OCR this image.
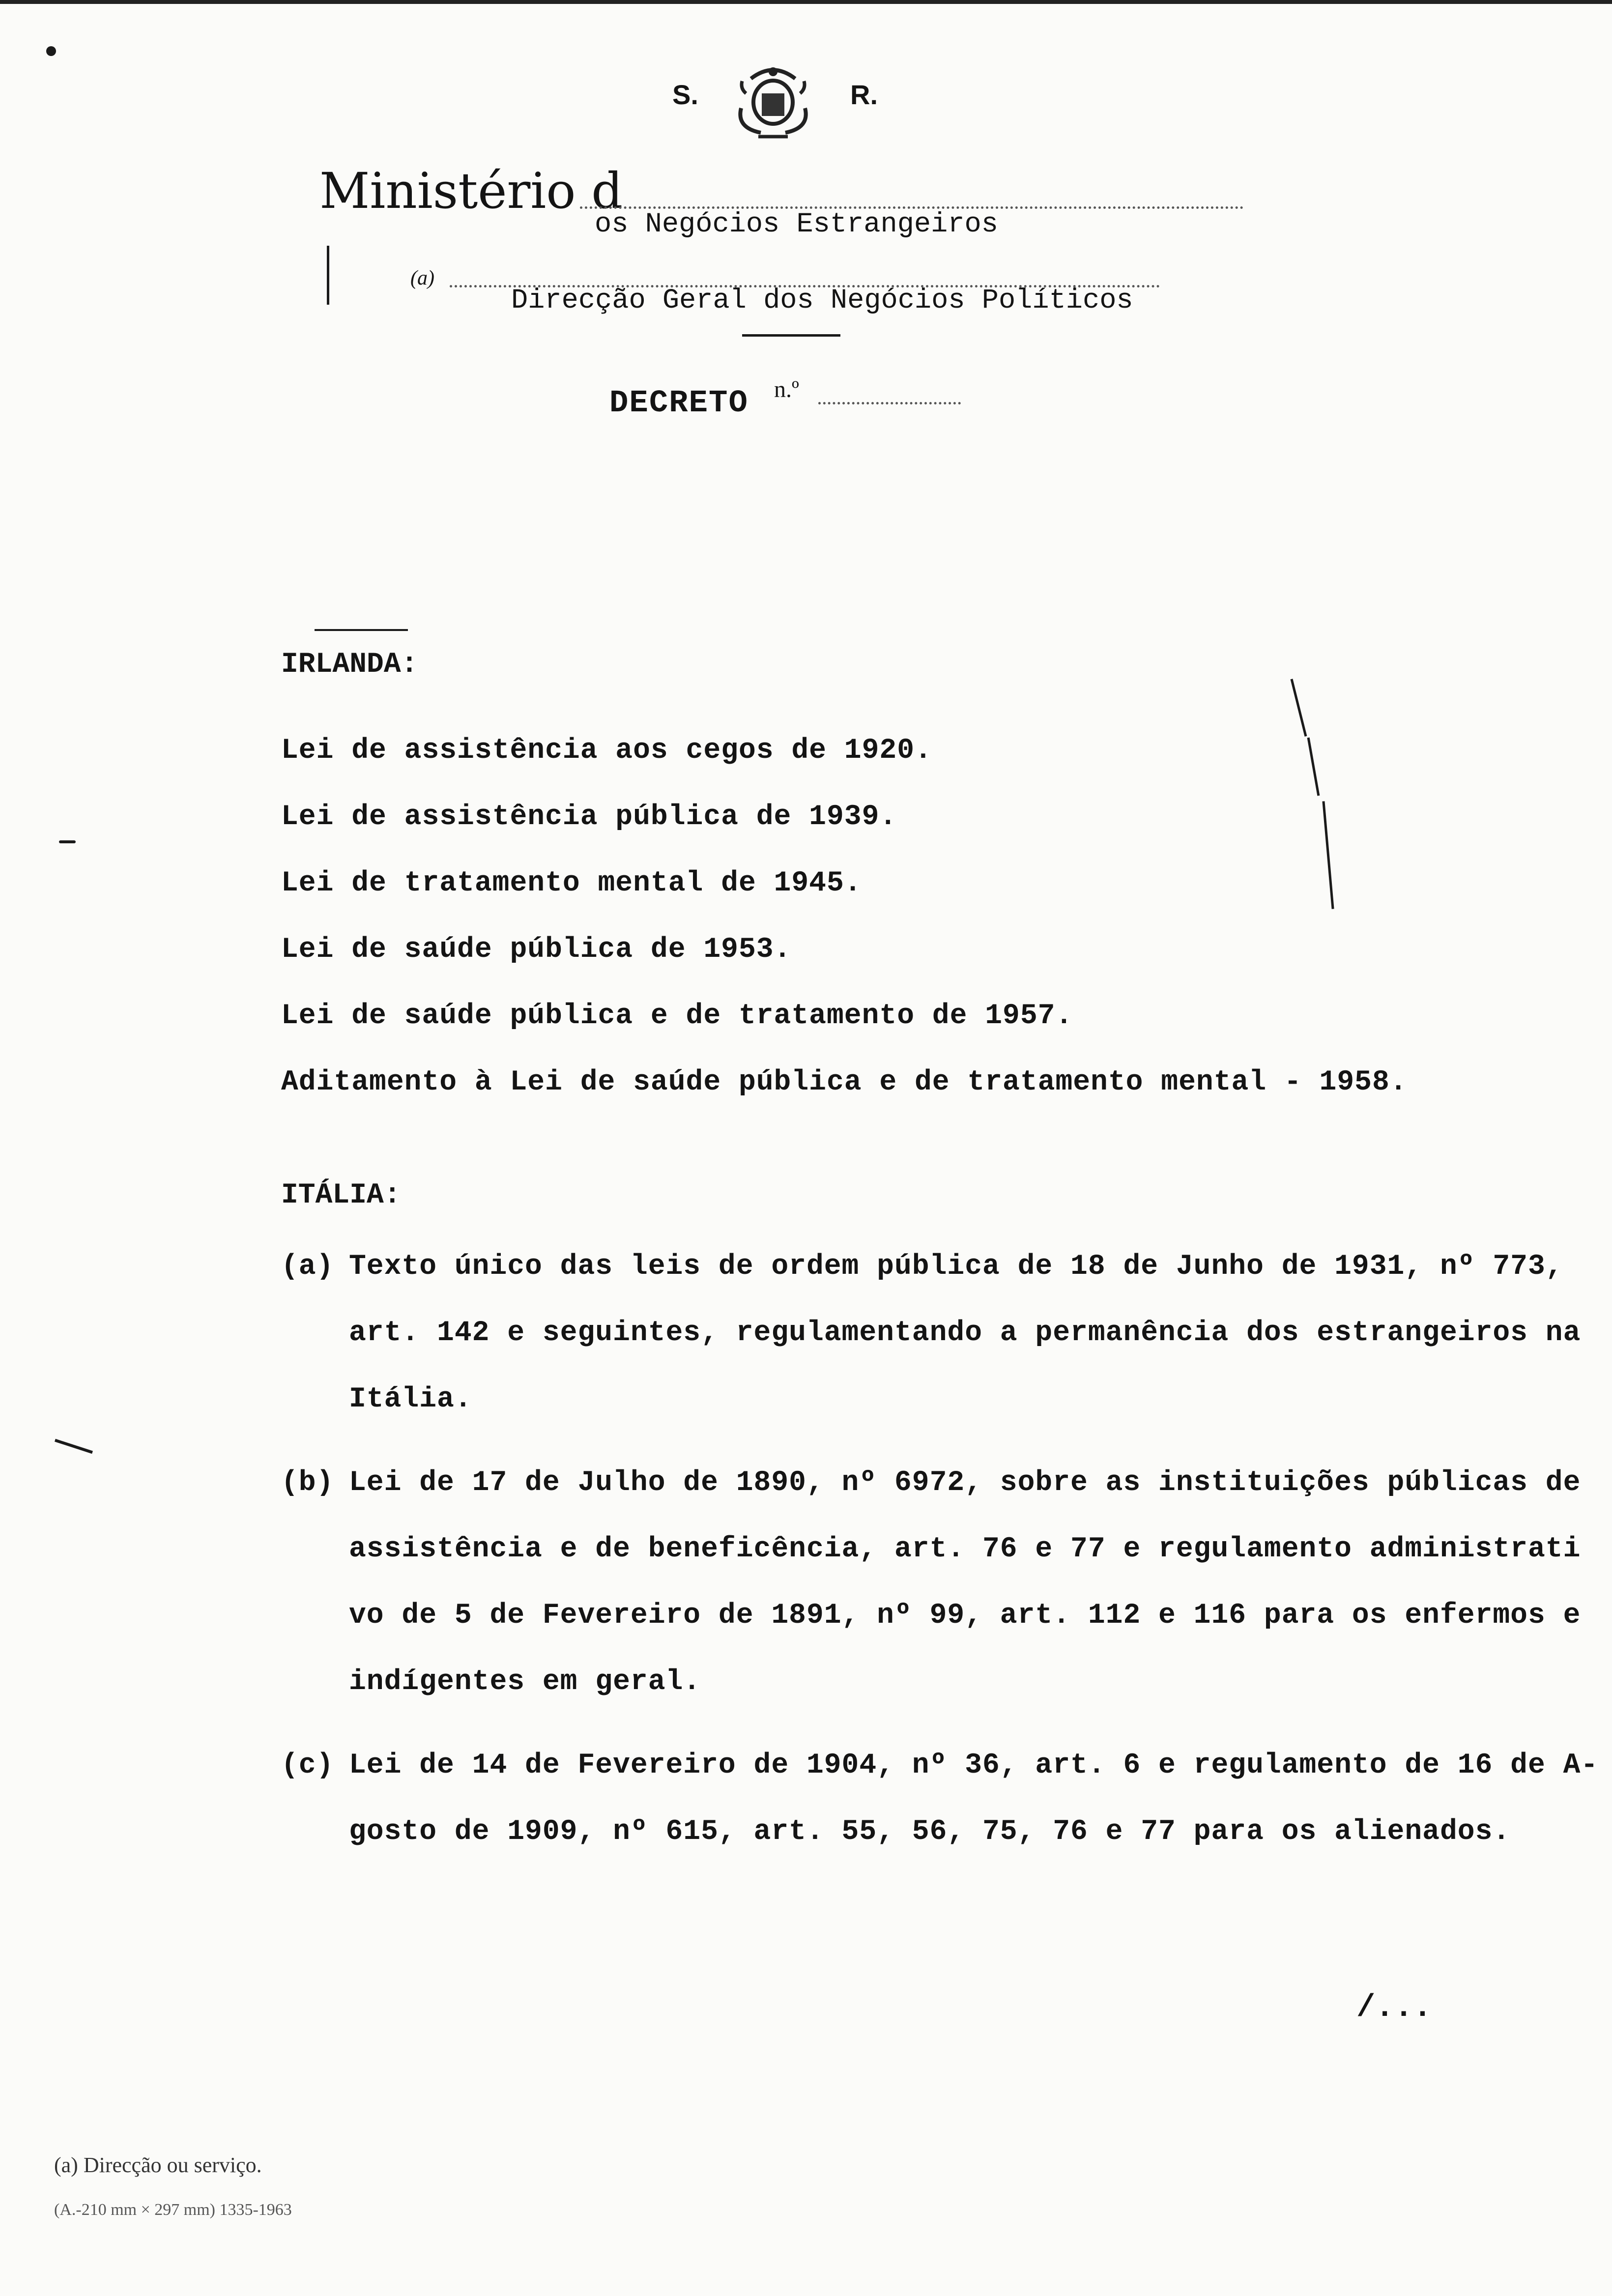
S.	R.
Ministério d
os Negócios Estrangeiros
(a)
Direcção Geral dos Negócios Políticos
DECRETO n.º
IRLANDA:
Lei de assistência aos cegos de 1920.
Lei de assistência pública de 1939.
Lei de tratamento mental de 1945.
Lei de saúde pública de 1953.
Lei de saúde pública e de tratamento de 1957.
Aditamento à Lei de saúde pública e de tratamento mental - 1958.
ITÁLIA:
(a) Texto único das leis de ordem pública de 18 de Junho de 1931, nº 773,
art. 142 e seguintes, regulamentando a permanência dos estrangeiros na
Itália.
(b) Lei de 17 de Julho de 1890, nº 6972, sobre as instituições públicas de
assistência e de beneficência, art. 76 e 77 e regulamento administrati
vo de 5 de Fevereiro de 1891, nº 99, art. 112 e 116 para os enfermos e
indígentes em geral.
(c) Lei de 14 de Fevereiro de 1904, nº 36, art. 6 e regulamento de 16 de A-
gosto de 1909, nº 615, art. 55, 56, 75, 76 e 77 para os alienados.
/...
(a) Direcção ou serviço.
(A.-210 mm × 297 mm) 1335-1963
